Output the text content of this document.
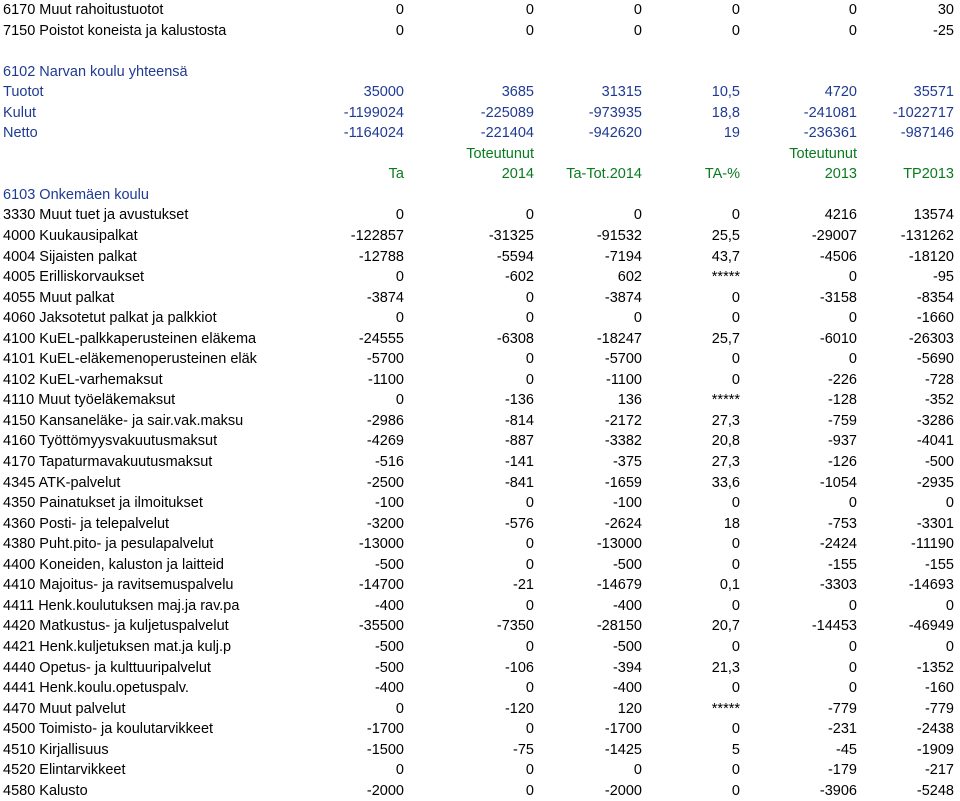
6170 Muut rahoitustuotot	0	0	0	0	0	30
7150 Poistot koneista ja kalustosta	0	0	0	0	0	-25

6102 Narvan koulu yhteensä						
Tuotot	35000	3685	31315	10,5	4720	35571
Kulut	-1199024	-225089	-973935	18,8	-241081	-1022717
Netto	-1164024	-221404	-942620	19	-236361	-987146
		Toteutunut			Toteutunut	
	Ta	2014	Ta-Tot.2014	TA-%	2013	TP2013
6103 Onkemäen koulu						
3330 Muut tuet ja avustukset	0	0	0	0	4216	13574
4000 Kuukausipalkat	-122857	-31325	-91532	25,5	-29007	-131262
4004 Sijaisten palkat	-12788	-5594	-7194	43,7	-4506	-18120
4005 Erilliskorvaukset	0	-602	602	*****	0	-95
4055 Muut palkat	-3874	0	-3874	0	-3158	-8354
4060 Jaksotetut palkat ja palkkiot	0	0	0	0	0	-1660
4100 KuEL-palkkaperusteinen eläkema	-24555	-6308	-18247	25,7	-6010	-26303
4101 KuEL-eläkemenoperusteinen eläk	-5700	0	-5700	0	0	-5690
4102 KuEL-varhemaksut	-1100	0	-1100	0	-226	-728
4110 Muut työeläkemaksut	0	-136	136	*****	-128	-352
4150 Kansaneläke- ja sair.vak.maksu	-2986	-814	-2172	27,3	-759	-3286
4160 Työttömyysvakuutusmaksut	-4269	-887	-3382	20,8	-937	-4041
4170 Tapaturmavakuutusmaksut	-516	-141	-375	27,3	-126	-500
4345 ATK-palvelut	-2500	-841	-1659	33,6	-1054	-2935
4350 Painatukset ja ilmoitukset	-100	0	-100	0	0	0
4360 Posti- ja telepalvelut	-3200	-576	-2624	18	-753	-3301
4380 Puht.pito- ja pesulapalvelut	-13000	0	-13000	0	-2424	-11190
4400 Koneiden, kaluston ja laitteid	-500	0	-500	0	-155	-155
4410 Majoitus- ja ravitsemuspalvelu	-14700	-21	-14679	0,1	-3303	-14693
4411 Henk.koulutuksen maj.ja rav.pa	-400	0	-400	0	0	0
4420 Matkustus- ja kuljetuspalvelut	-35500	-7350	-28150	20,7	-14453	-46949
4421 Henk.kuljetuksen mat.ja kulj.p	-500	0	-500	0	0	0
4440 Opetus- ja kulttuuripalvelut	-500	-106	-394	21,3	0	-1352
4441 Henk.koulu.opetuspalv.	-400	0	-400	0	0	-160
4470 Muut palvelut	0	-120	120	*****	-779	-779
4500 Toimisto- ja koulutarvikkeet	-1700	0	-1700	0	-231	-2438
4510 Kirjallisuus	-1500	-75	-1425	5	-45	-1909
4520 Elintarvikkeet	0	0	0	0	-179	-217
4580 Kalusto	-2000	0	-2000	0	-3906	-5248
